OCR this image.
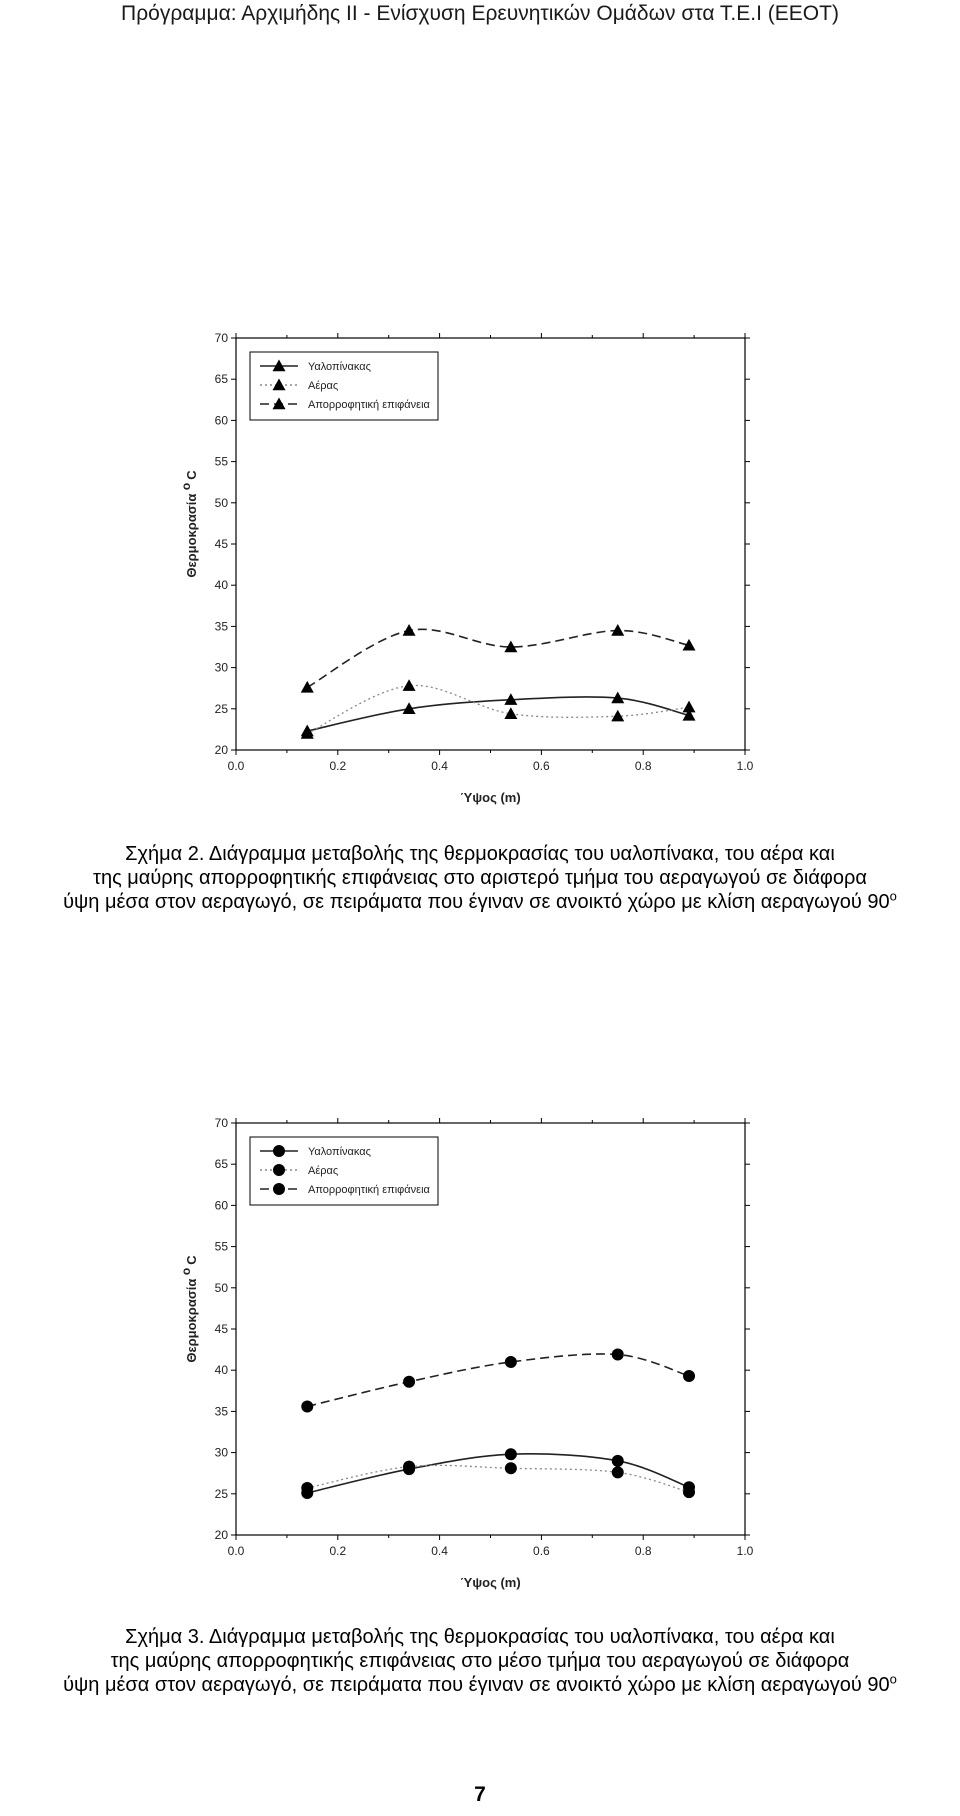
Πρόγραμμα: Αρχιμήδης ΙΙ - Ενίσχυση Ερευνητικών Ομάδων στα Τ.Ε.Ι (ΕΕΟΤ)
20
25
30
35
40
45
50
55
60
65
70
0.0	0.2	0.4	0.6	0.8	1.0
Ύψος (m)
Θερμοκρασία οC
Υαλοπίνακας
Αέρας
Απορροφητική επιφάνεια
Σχήμα 2. Διάγραμμα μεταβολής της θερμοκρασίας του υαλοπίνακα, του αέρα και
της μαύρης απορροφητικής επιφάνειας στο αριστερό τμήμα του αεραγωγού σε διάφορα
ύψη μέσα στον αεραγωγό, σε πειράματα που έγιναν σε ανοικτό χώρο με κλίση αεραγωγού $90^o$
20
25
30
35
40
45
50
55
60
65
70
0.0	0.2	0.4	0.6	0.8	1.0
Ύψος (m)
Θερμοκρασία οC
Υαλοπίνακας
Αέρας
Απορροφητική επιφάνεια
Σχήμα 3. Διάγραμμα μεταβολής της θερμοκρασίας του υαλοπίνακα, του αέρα και
της μαύρης απορροφητικής επιφάνειας στο μέσο τμήμα του αεραγωγού σε διάφορα
ύψη μέσα στον αεραγωγό, σε πειράματα που έγιναν σε ανοικτό χώρο με κλίση αεραγωγού $90^o$
7
